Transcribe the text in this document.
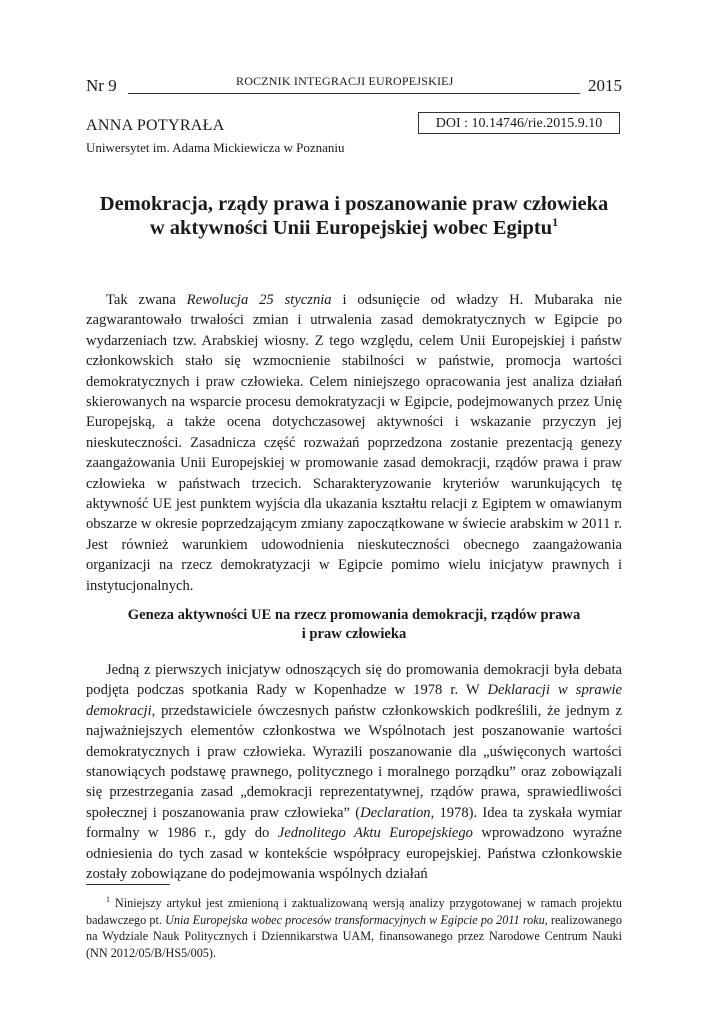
Nr 9	ROCZNIK INTEGRACJI EUROPEJSKIEJ	2015
ANNA POTYRAŁA
Uniwersytet im. Adama Mickiewicza w Poznaniu
DOI : 10.14746/rie.2015.9.10
Demokracja, rządy prawa i poszanowanie praw człowieka
w aktywności Unii Europejskiej wobec Egiptu$^1$

Tak zwana Rewolucja 25 stycznia i odsunięcie od władzy H. Mubaraka nie zagwarantowało trwałości zmian i utrwalenia zasad demokratycznych w Egipcie po wydarzeniach tzw. Arabskiej wiosny. Z tego względu, celem Unii Europejskiej i państw członkowskich stało się wzmocnienie stabilności w państwie, promocja wartości demokratycznych i praw człowieka. Celem niniejszego opracowania jest analiza działań skierowanych na wsparcie procesu demokratyzacji w Egipcie, podejmowanych przez Unię Europejską, a także ocena dotychczasowej aktywności i wskazanie przyczyn jej nieskuteczności. Zasadnicza część rozważań poprzedzona zostanie prezentacją genezy zaangażowania Unii Europejskiej w promowanie zasad demokracji, rządów prawa i praw człowieka w państwach trzecich. Scharakteryzowanie kryteriów warunkujących tę aktywność UE jest punktem wyjścia dla ukazania kształtu relacji z Egiptem w omawianym obszarze w okresie poprzedzającym zmiany zapoczątkowane w świecie arabskim w 2011 r. Jest również warunkiem udowodnienia nieskuteczności obecnego zaangażowania organizacji na rzecz demokratyzacji w Egipcie pomimo wielu inicjatyw prawnych i instytucjonalnych.

Geneza aktywności UE na rzecz promowania demokracji, rządów prawa
i praw człowieka

Jedną z pierwszych inicjatyw odnoszących się do promowania demokracji była debata podjęta podczas spotkania Rady w Kopenhadze w 1978 r. W Deklaracji w sprawie demokracji, przedstawiciele ówczesnych państw członkowskich podkreślili, że jednym z najważniejszych elementów członkostwa we Wspólnotach jest poszanowanie wartości demokratycznych i praw człowieka. Wyrazili poszanowanie dla „uświęconych wartości stanowiących podstawę prawnego, politycznego i moralnego porządku” oraz zobowiązali się przestrzegania zasad „demokracji reprezentatywnej, rządów prawa, sprawiedliwości społecznej i poszanowania praw człowieka” (Declaration, 1978). Idea ta zyskała wymiar formalny w 1986 r., gdy do Jednolitego Aktu Europejskiego wprowadzono wyraźne odniesienia do tych zasad w kontekście współpracy europejskiej. Państwa członkowskie zostały zobowiązane do podejmowania wspólnych działań

$^1$ Niniejszy artykuł jest zmienioną i zaktualizowaną wersją analizy przygotowanej w ramach projektu badawczego pt. Unia Europejska wobec procesów transformacyjnych w Egipcie po 2011 roku, realizowanego na Wydziale Nauk Politycznych i Dziennikarstwa UAM, finansowanego przez Narodowe Centrum Nauki (NN 2012/05/B/HS5/005).
